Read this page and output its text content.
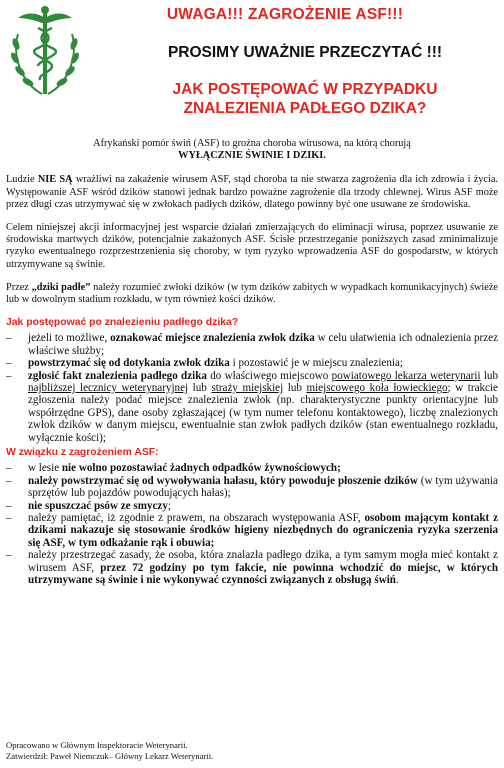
UWAGA!!! ZAGROŻENIE ASF!!!
PROSIMY UWAŻNIE PRZECZYTAĆ !!!
JAK POSTĘPOWAĆ W PRZYPADKU
ZNALEZIENIA PADŁEGO DZIKA?

Afrykański pomór świń (ASF) to groźna choroba wirusowa, na którą chorują
WYŁĄCZNIE ŚWINIE I DZIKI.

Ludzie NIE SĄ wrażliwi na zakażenie wirusem ASF, stąd choroba ta nie stwarza zagrożenia dla ich zdrowia i życia. Występowanie ASF wśród dzików stanowi jednak bardzo poważne zagrożenie dla trzody chlewnej. Wirus ASF może przez długi czas utrzymywać się w zwłokach padłych dzików, dlatego powinny być one usuwane ze środowiska.

Celem niniejszej akcji informacyjnej jest wsparcie działań zmierzających do eliminacji wirusa, poprzez usuwanie ze środowiska martwych dzików, potencjalnie zakażonych ASF. Ścisłe przestrzeganie poniższych zasad zminimalizuje ryzyko ewentualnego rozprzestrzenienia się choroby, w tym ryzyko wprowadzenia ASF do gospodarstw, w których utrzymywane są świnie.

Przez „dziki padłe” należy rozumieć zwłoki dzików (w tym dzików zabitych w wypadkach komunikacyjnych) świeże lub w dowolnym stadium rozkładu, w tym również kości dzików.

Jak postępować po znalezieniu padłego dzika?
– jeżeli to możliwe, oznakować miejsce znalezienia zwłok dzika w celu ułatwienia ich odnalezienia przez właściwe służby;
– powstrzymać się od dotykania zwłok dzika i pozostawić je w miejscu znalezienia;
– zgłosić fakt znalezienia padłego dzika do właściwego miejscowo powiatowego lekarza weterynarii lub najbliższej lecznicy weterynaryjnej lub straży miejskiej lub miejscowego koła łowieckiego; w trakcie zgłoszenia należy podać miejsce znalezienia zwłok (np. charakterystyczne punkty orientacyjne lub współrzędne GPS), dane osoby zgłaszającej (w tym numer telefonu kontaktowego), liczbę znalezionych zwłok dzików w danym miejscu, ewentualnie stan zwłok padłych dzików (stan ewentualnego rozkładu, wyłącznie kości);
W związku z zagrożeniem ASF:
– w lesie nie wolno pozostawiać żadnych odpadków żywnościowych;
– należy powstrzymać się od wywoływania hałasu, który powoduje płoszenie dzików (w tym używania sprzętów lub pojazdów powodujących hałas);
– nie spuszczać psów ze smyczy;
– należy pamiętać, iż zgodnie z prawem, na obszarach występowania ASF, osobom mającym kontakt z dzikami nakazuje się stosowanie środków higieny niezbędnych do ograniczenia ryzyka szerzenia się ASF, w tym odkażanie rąk i obuwia;
– należy przestrzegać zasady, że osoba, która znalazła padłego dzika, a tym samym mogła mieć kontakt z wirusem ASF, przez 72 godziny po tym fakcie, nie powinna wchodzić do miejsc, w których utrzymywane są świnie i nie wykonywać czynności związanych z obsługą świń.
Opracowano w Głównym Inspektoracie Weterynarii.
Zatwierdził: Paweł Niemczuk– Główny Lekarz Weterynarii.
